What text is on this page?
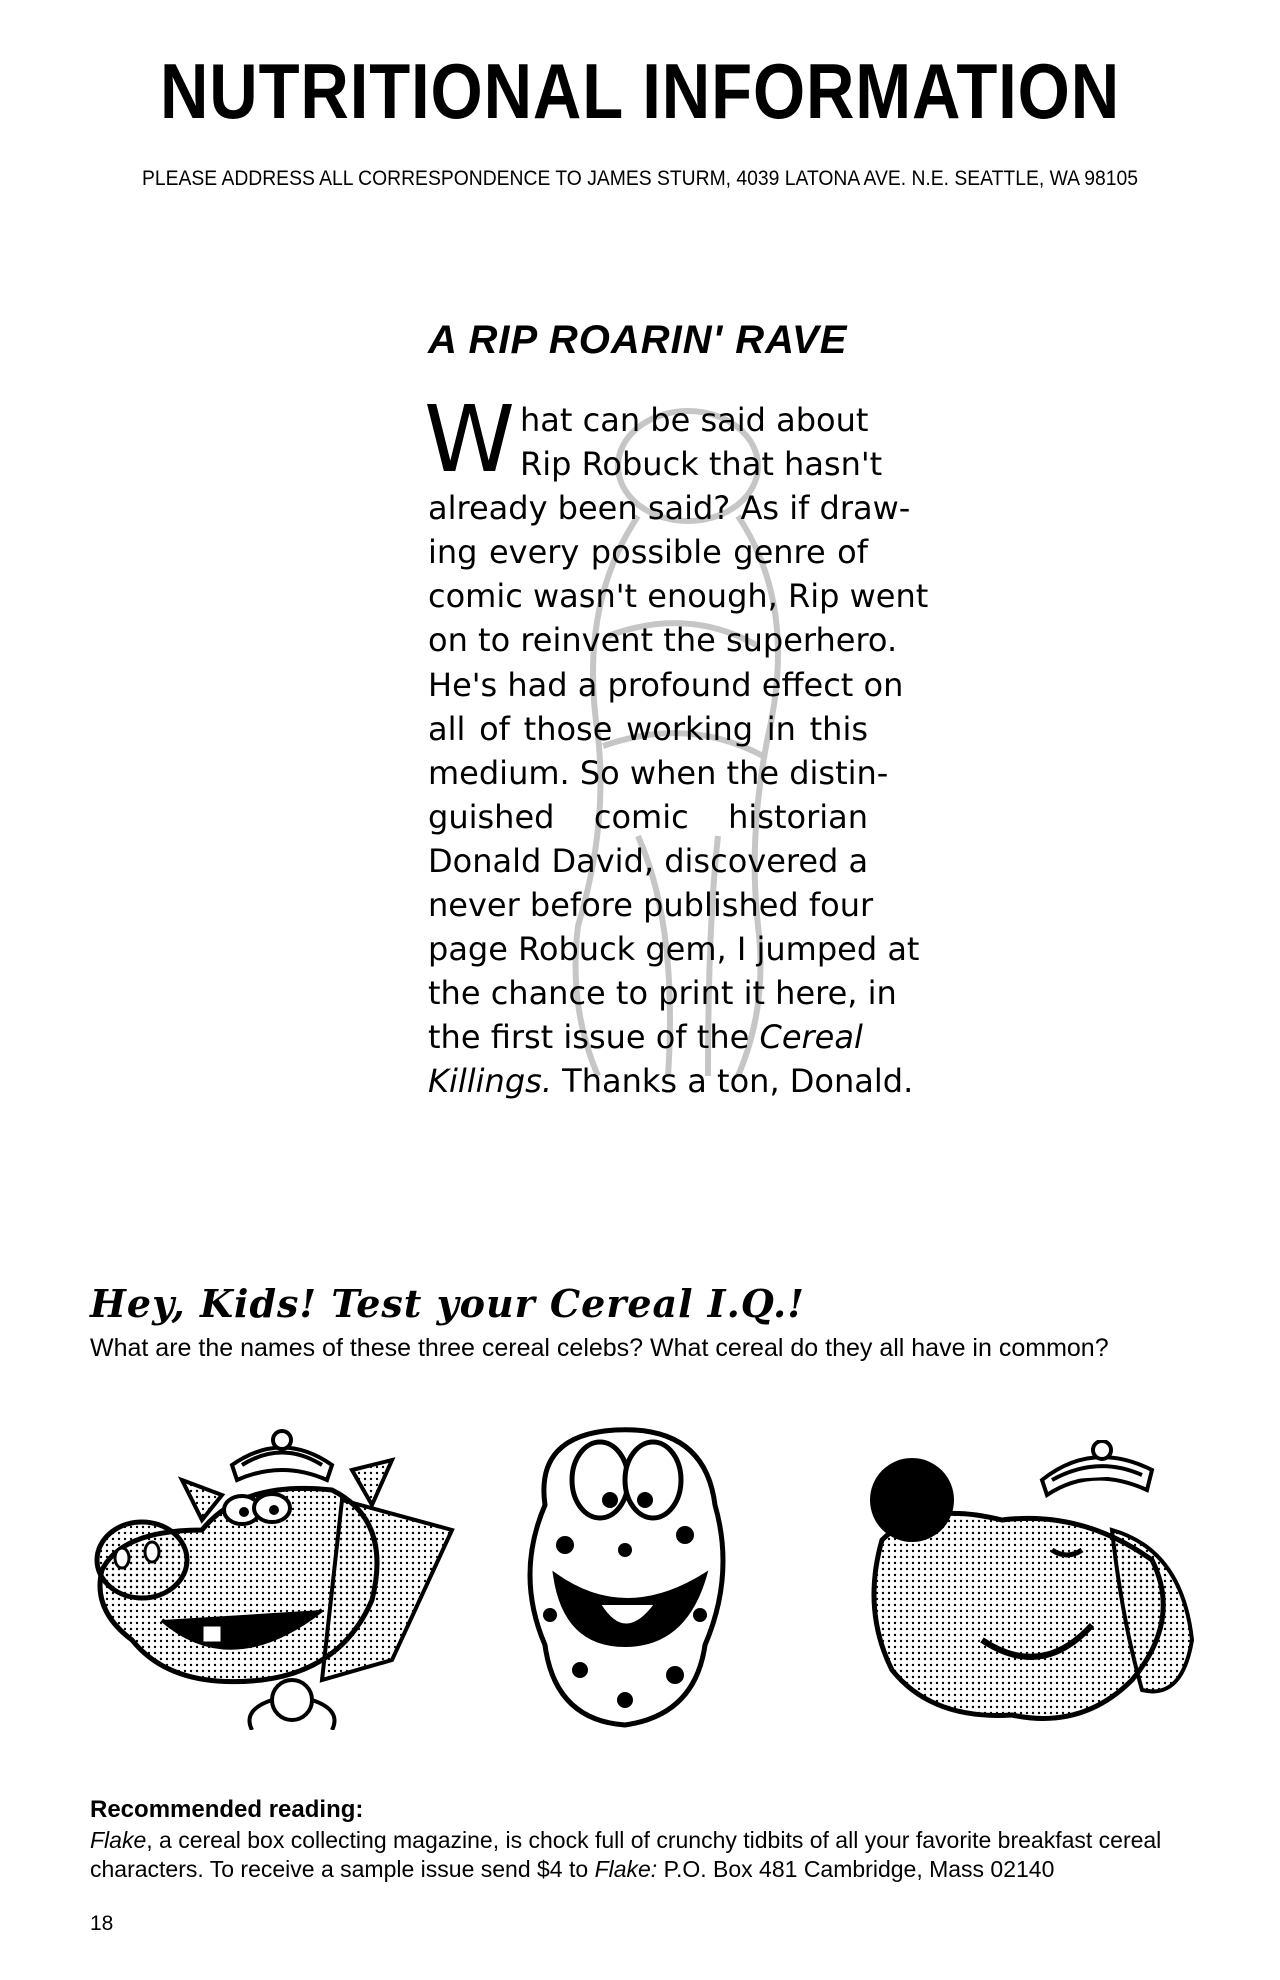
NUTRITIONAL INFORMATION
PLEASE ADDRESS ALL CORRESPONDENCE TO JAMES STURM, 4039 LATONA AVE. N.E. SEATTLE, WA 98105
A RIP ROARIN' RAVE
W hat can be said about
Rip Robuck that hasn't
already been said? As if draw-
ing every possible genre of
comic wasn't enough, Rip went
on to reinvent the superhero.
He's had a profound effect on
all of those working in this
medium. So when the distin-
guished comic historian
Donald David, discovered a
never before published four
page Robuck gem, I jumped at
the chance to print it here, in
the first issue of the Cereal
Killings. Thanks a ton, Donald.
Hey, Kids! Test your Cereal I.Q.!
What are the names of these three cereal celebs? What cereal do they all have in common?
Recommended reading:
Flake, a cereal box collecting magazine, is chock full of crunchy tidbits of all your favorite breakfast cereal characters. To receive a sample issue send $4 to Flake: P.O. Box 481 Cambridge, Mass 02140
18
